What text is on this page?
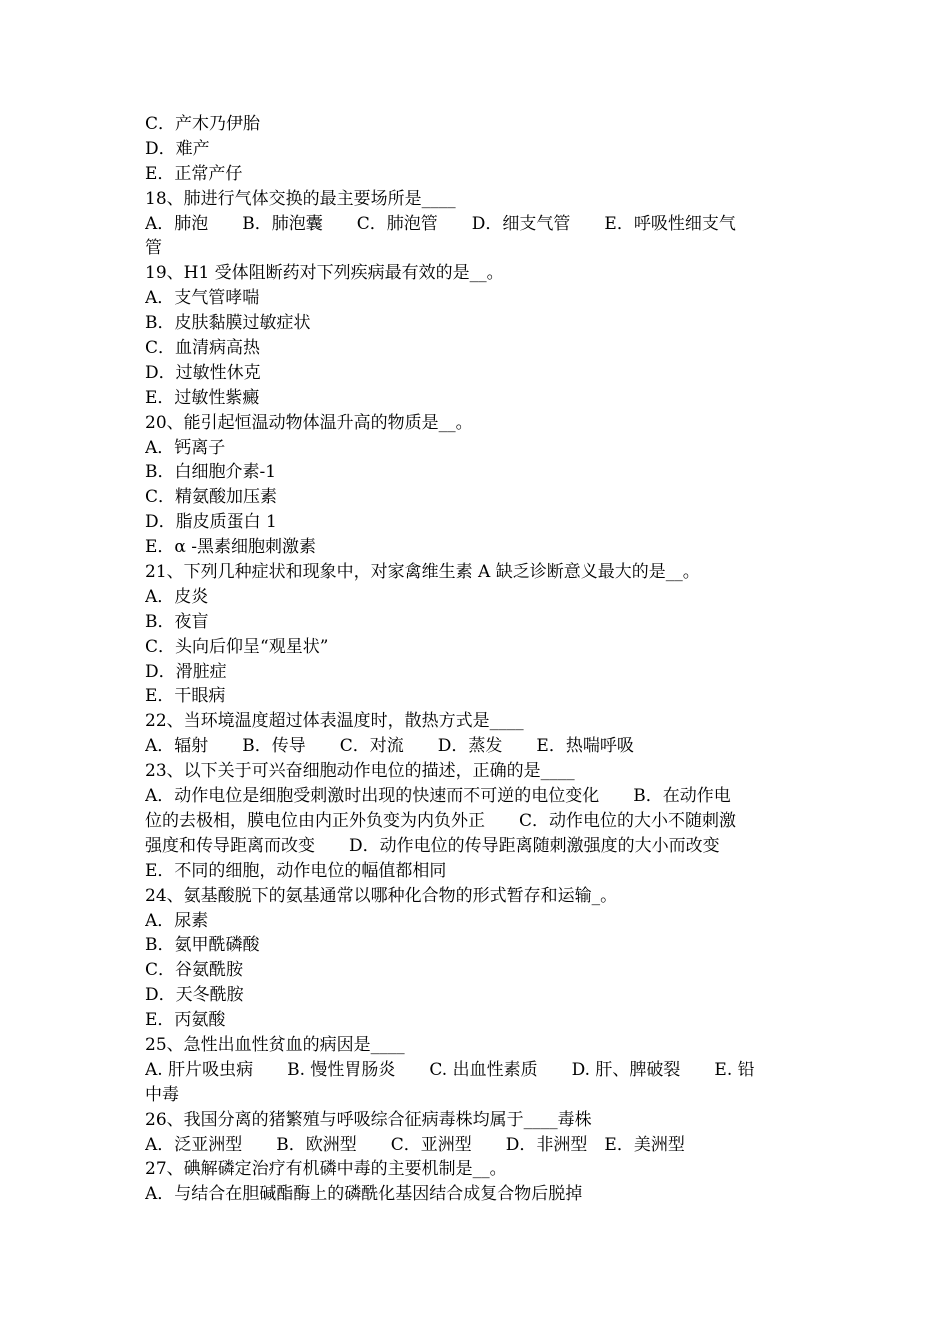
C．产木乃伊胎
D．难产
E．正常产仔
18、肺进行气体交换的最主要场所是____
A．肺泡　　B．肺泡囊　　C．肺泡管　　D．细支气管　　E．呼吸性细支气
管
19、H1 受体阻断药对下列疾病最有效的是__。
A．支气管哮喘
B．皮肤黏膜过敏症状
C．血清病高热
D．过敏性休克
E．过敏性紫癜
20、能引起恒温动物体温升高的物质是__。
A．钙离子
B．白细胞介素-1
C．精氨酸加压素
D．脂皮质蛋白 1
E．α -黑素细胞刺激素
21、下列几种症状和现象中，对家禽维生素 A 缺乏诊断意义最大的是__。
A．皮炎
B．夜盲
C．头向后仰呈“观星状”
D．滑脏症
E．干眼病
22、当环境温度超过体表温度时，散热方式是____
A．辐射　　B．传导　　C．对流　　D．蒸发　　E．热喘呼吸
23、以下关于可兴奋细胞动作电位的描述，正确的是____
A．动作电位是细胞受刺激时出现的快速而不可逆的电位变化　　B．在动作电
位的去极相，膜电位由内正外负变为内负外正　　C．动作电位的大小不随刺激
强度和传导距离而改变　　D．动作电位的传导距离随刺激强度的大小而改变
E．不同的细胞，动作电位的幅值都相同
24、氨基酸脱下的氨基通常以哪种化合物的形式暂存和运输_。
A．尿素
B．氨甲酰磷酸
C．谷氨酰胺
D．天冬酰胺
E．丙氨酸
25、急性出血性贫血的病因是____
A. 肝片吸虫病　　B. 慢性胃肠炎　　C. 出血性素质　　D. 肝、脾破裂　　E. 铅
中毒
26、我国分离的猪繁殖与呼吸综合征病毒株均属于____毒株
A．泛亚洲型　　B．欧洲型　　C．亚洲型　　D．非洲型　E．美洲型
27、碘解磷定治疗有机磷中毒的主要机制是__。
A．与结合在胆碱酯酶上的磷酰化基因结合成复合物后脱掉
